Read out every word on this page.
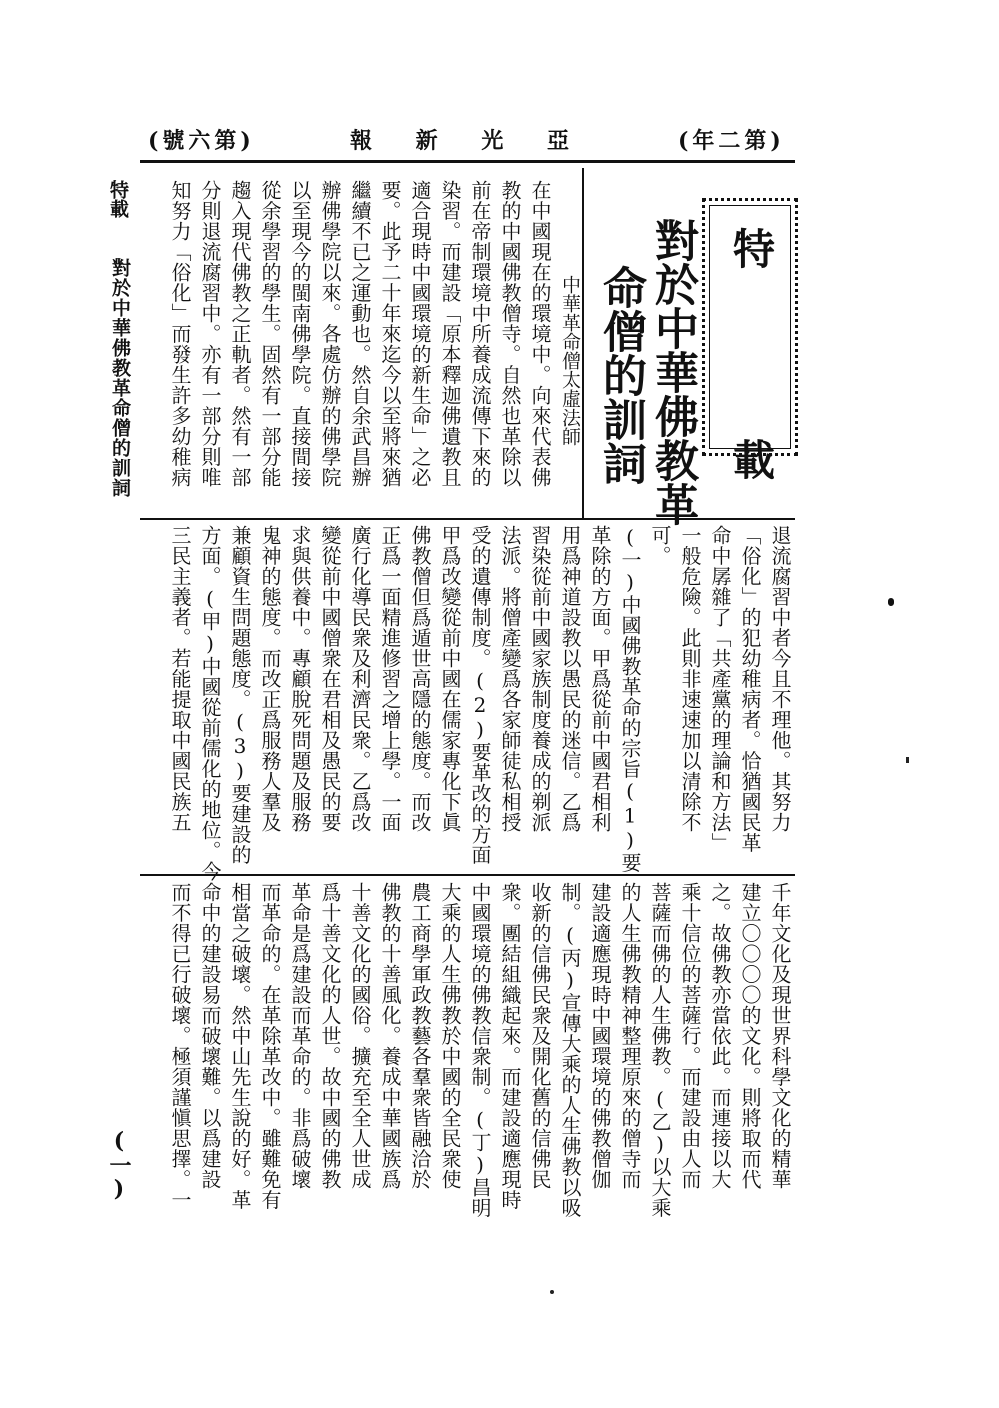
(號六第)	報 新 光 亞	(年二第)
特載
對於中華佛教革命僧的訓詞
(一)
特 載
對於中華佛教革
命僧的訓詞
中華革命僧太虛法師
在中國現在的環境中。向來代表佛
教的中國佛教僧寺。自然也革除以
前在帝制環境中所養成流傳下來的
染習。而建設「原本釋迦佛遺教且
適合現時中國環境的新生命」之必
要。此予二十年來迄今以至將來猶
繼續不已之運動也。然自余武昌辦
辦佛學院以來。各處仿辦的佛學院
以至現今的閩南佛學院。直接間接
從余學習的學生。固然有一部分能
趨入現代佛教之正軌者。然有一部
分則退流腐習中。亦有一部分則唯
知努力「俗化」而發生許多幼稚病
退流腐習中者今且不理他。其努力
「俗化」的犯幼稚病者。恰猶國民革
命中孱雜了「共產黨的理論和方法」
一般危險。此則非速速加以清除不
可。
(一)中國佛教革命的宗旨(1)要
革除的方面。甲爲從前中國君相利
用爲神道設教以愚民的迷信。乙爲
習染從前中國家族制度養成的剃派
法派。將僧產變爲各家師徒私相授
受的遺傳制度。(2)要革改的方面
甲爲改變從前中國在儒家專化下眞
佛教僧但爲遁世高隱的態度。而改
正爲一面精進修習之增上學。一面
廣行化導民衆及利濟民衆。乙爲改
變從前中國僧衆在君相及愚民的要
求與供養中。專顧脫死問題及服務
鬼神的態度。而改正爲服務人羣及
兼顧資生問題態度。(3)要建設的
方面。(甲)中國從前儒化的地位。今
三民主義者。若能提取中國民族五
千年文化及現世界科學文化的精華
建立〇〇〇〇的文化。則將取而代
之。故佛教亦當依此。而連接以大
乘十信位的菩薩行。而建設由人而
菩薩而佛的人生佛教。(乙)以大乘
的人生佛教精神整理原來的僧寺而
建設適應現時中國環境的佛教僧伽
制。(丙)宣傳大乘的人生佛教以吸
收新的信佛民衆及開化舊的信佛民
衆。團結組織起來。而建設適應現時
中國環境的佛教信衆制。(丁)昌明
大乘的人生佛教於中國的全民衆使
農工商學軍政教藝各羣衆皆融洽於
佛教的十善風化。養成中華國族爲
十善文化的國俗。擴充至全人世成
爲十善文化的人世。故中國的佛教
革命是爲建設而革命的。非爲破壞
而革命的。在革除革改中。雖難免有
相當之破壞。然中山先生說的好。革
命中的建設易而破壞難。以爲建設
而不得已行破壞。極須謹愼思擇。一
